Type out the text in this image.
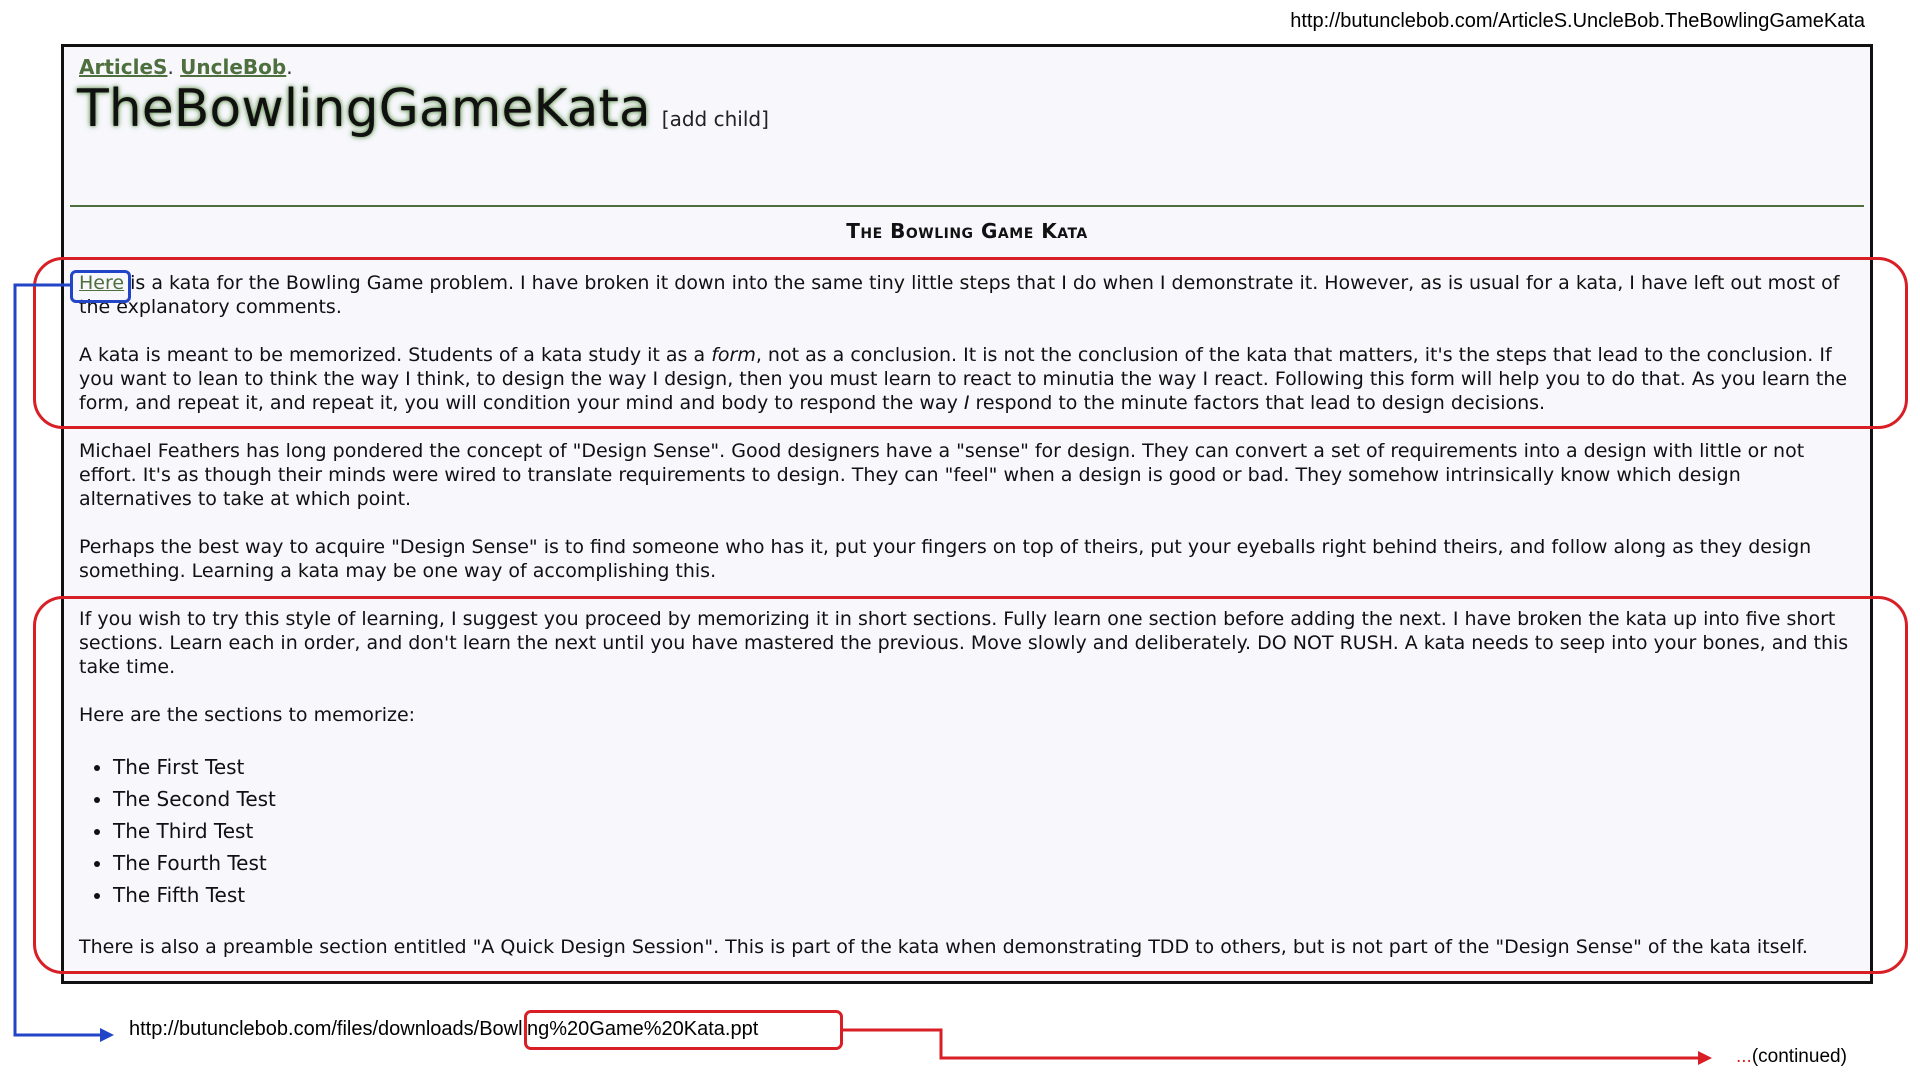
http://butunclebob.com/ArticleS.UncleBob.TheBowlingGameKata
ArticleS. UncleBob.
TheBowlingGameKata [add child]
The Bowling Game Kata

Here is a kata for the Bowling Game problem. I have broken it down into the same tiny little steps that I do when I demonstrate it. However, as is usual for a kata, I have left out most of the explanatory comments.

A kata is meant to be memorized. Students of a kata study it as a form, not as a conclusion. It is not the conclusion of the kata that matters, it's the steps that lead to the conclusion. If you want to lean to think the way I think, to design the way I design, then you must learn to react to minutia the way I react. Following this form will help you to do that. As you learn the form, and repeat it, and repeat it, you will condition your mind and body to respond the way I respond to the minute factors that lead to design decisions.

Michael Feathers has long pondered the concept of "Design Sense". Good designers have a "sense" for design. They can convert a set of requirements into a design with little or not effort. It's as though their minds were wired to translate requirements to design. They can "feel" when a design is good or bad. They somehow intrinsically know which design alternatives to take at which point.

Perhaps the best way to acquire "Design Sense" is to find someone who has it, put your fingers on top of theirs, put your eyeballs right behind theirs, and follow along as they design something. Learning a kata may be one way of accomplishing this.

If you wish to try this style of learning, I suggest you proceed by memorizing it in short sections. Fully learn one section before adding the next. I have broken the kata up into five short sections. Learn each in order, and don't learn the next until you have mastered the previous. Move slowly and deliberately. DO NOT RUSH. A kata needs to seep into your bones, and this take time.

Here are the sections to memorize:

• The First Test
• The Second Test
• The Third Test
• The Fourth Test
• The Fifth Test

There is also a preamble section entitled "A Quick Design Session". This is part of the kata when demonstrating TDD to others, but is not part of the "Design Sense" of the kata itself.

http://butunclebob.com/files/downloads/Bowling%20Game%20Kata.ppt
...(continued)
